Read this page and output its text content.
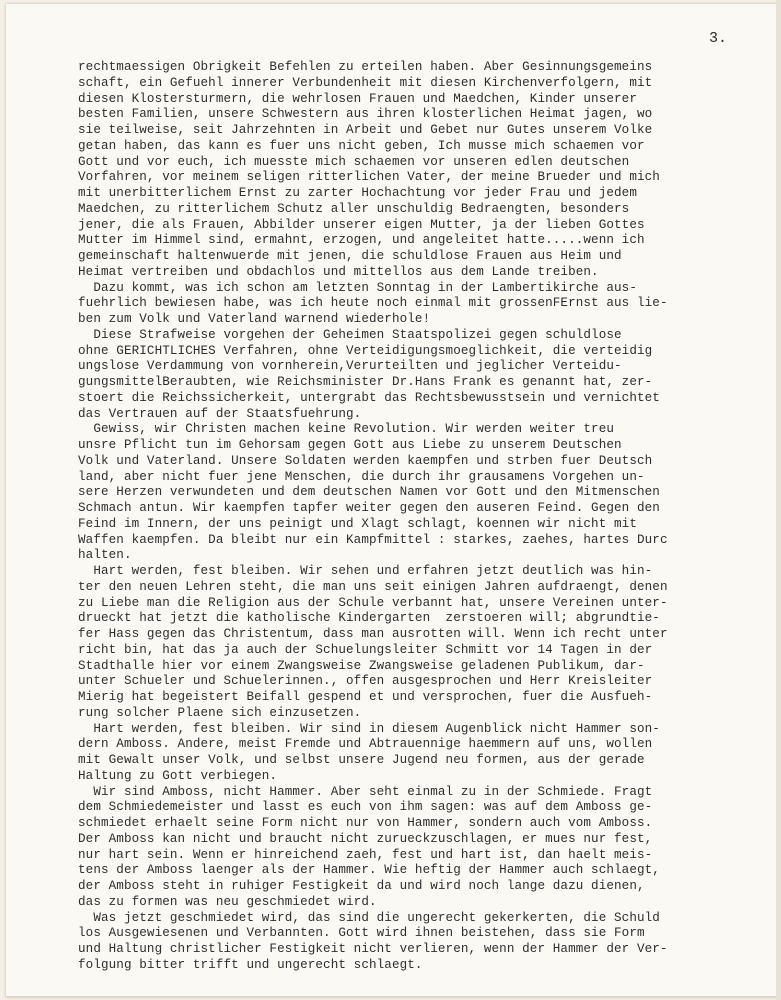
3.
rechtmaessigen Obrigkeit Befehlen zu erteilen haben. Aber Gesinnungsgemeins
schaft, ein Gefuehl innerer Verbundenheit mit diesen Kirchenverfolgern, mit
diesen Klostersturmern, die wehrlosen Frauen und Maedchen, Kinder unserer
besten Familien, unsere Schwestern aus ihren klosterlichen Heimat jagen, wo
sie teilweise, seit Jahrzehnten in Arbeit und Gebet nur Gutes unserem Volke
getan haben, das kann es fuer uns nicht geben, Ich musse mich schaemen vor
Gott und vor euch, ich muesste mich schaemen vor unseren edlen deutschen
Vorfahren, vor meinem seligen ritterlichen Vater, der meine Brueder und mich
mit unerbitterlichem Ernst zu zarter Hochachtung vor jeder Frau und jedem
Maedchen, zu ritterlichem Schutz aller unschuldig Bedraengten, besonders
jener, die als Frauen, Abbilder unserer eigen Mutter, ja der lieben Gottes
Mutter im Himmel sind, ermahnt, erzogen, und angeleitet hatte.....wenn ich
gemeinschaft haltenwuerde mit jenen, die schuldlose Frauen aus Heim und
Heimat vertreiben und obdachlos und mittellos aus dem Lande treiben.
Dazu kommt, was ich schon am letzten Sonntag in der Lambertikirche aus-
fuehrlich bewiesen habe, was ich heute noch einmal mit grossenFErnst aus lie-
ben zum Volk und Vaterland warnend wiederhole!
Diese Strafweise vorgehen der Geheimen Staatspolizei gegen schuldlose
ohne GERICHTLICHES Verfahren, ohne Verteidigungsmoeglichkeit, die verteidig
ungslose Verdammung von vornherein,Verurteilten und jeglicher Verteidu-
gungsmittelBeraubten, wie Reichsminister Dr.Hans Frank es genannt hat, zer-
stoert die Reichssicherkeit, untergrabt das Rechtsbewusstsein und vernichtet
das Vertrauen auf der Staatsfuehrung.
Gewiss, wir Christen machen keine Revolution. Wir werden weiter treu
unsre Pflicht tun im Gehorsam gegen Gott aus Liebe zu unserem Deutschen
Volk und Vaterland. Unsere Soldaten werden kaempfen und strben fuer Deutsch
land, aber nicht fuer jene Menschen, die durch ihr grausamens Vorgehen un-
sere Herzen verwundeten und dem deutschen Namen vor Gott und den Mitmenschen
Schmach antun. Wir kaempfen tapfer weiter gegen den auseren Feind. Gegen den
Feind im Innern, der uns peinigt und Xlagt schlagt, koennen wir nicht mit
Waffen kaempfen. Da bleibt nur ein Kampfmittel : starkes, zaehes, hartes Durc
halten.
Hart werden, fest bleiben. Wir sehen und erfahren jetzt deutlich was hin-
ter den neuen Lehren steht, die man uns seit einigen Jahren aufdraengt, denen
zu Liebe man die Religion aus der Schule verbannt hat, unsere Vereinen unter-
drueckt hat jetzt die katholische Kindergarten  zerstoeren will; abgrundtie-
fer Hass gegen das Christentum, dass man ausrotten will. Wenn ich recht unter
richt bin, hat das ja auch der Schuelungsleiter Schmitt vor 14 Tagen in der
Stadthalle hier vor einem Zwangsweise Zwangsweise geladenen Publikum, dar-
unter Schueler und Schuelerinnen., offen ausgesprochen und Herr Kreisleiter
Mierig hat begeistert Beifall gespend et und versprochen, fuer die Ausfueh-
rung solcher Plaene sich einzusetzen.
Hart werden, fest bleiben. Wir sind in diesem Augenblick nicht Hammer son-
dern Amboss. Andere, meist Fremde und Abtrauennige haemmern auf uns, wollen
mit Gewalt unser Volk, und selbst unsere Jugend neu formen, aus der gerade
Haltung zu Gott verbiegen.
Wir sind Amboss, nicht Hammer. Aber seht einmal zu in der Schmiede. Fragt
dem Schmiedemeister und lasst es euch von ihm sagen: was auf dem Amboss ge-
schmiedet erhaelt seine Form nicht nur von Hammer, sondern auch vom Amboss.
Der Amboss kan nicht und braucht nicht zurueckzuschlagen, er mues nur fest,
nur hart sein. Wenn er hinreichend zaeh, fest und hart ist, dan haelt meis-
tens der Amboss laenger als der Hammer. Wie heftig der Hammer auch schlaegt,
der Amboss steht in ruhiger Festigkeit da und wird noch lange dazu dienen,
das zu formen was neu geschmiedet wird.
Was jetzt geschmiedet wird, das sind die ungerecht gekerkerten, die Schuld
los Ausgewiesenen und Verbannten. Gott wird ihnen beistehen, dass sie Form
und Haltung christlicher Festigkeit nicht verlieren, wenn der Hammer der Ver-
folgung bitter trifft und ungerecht schlaegt.
